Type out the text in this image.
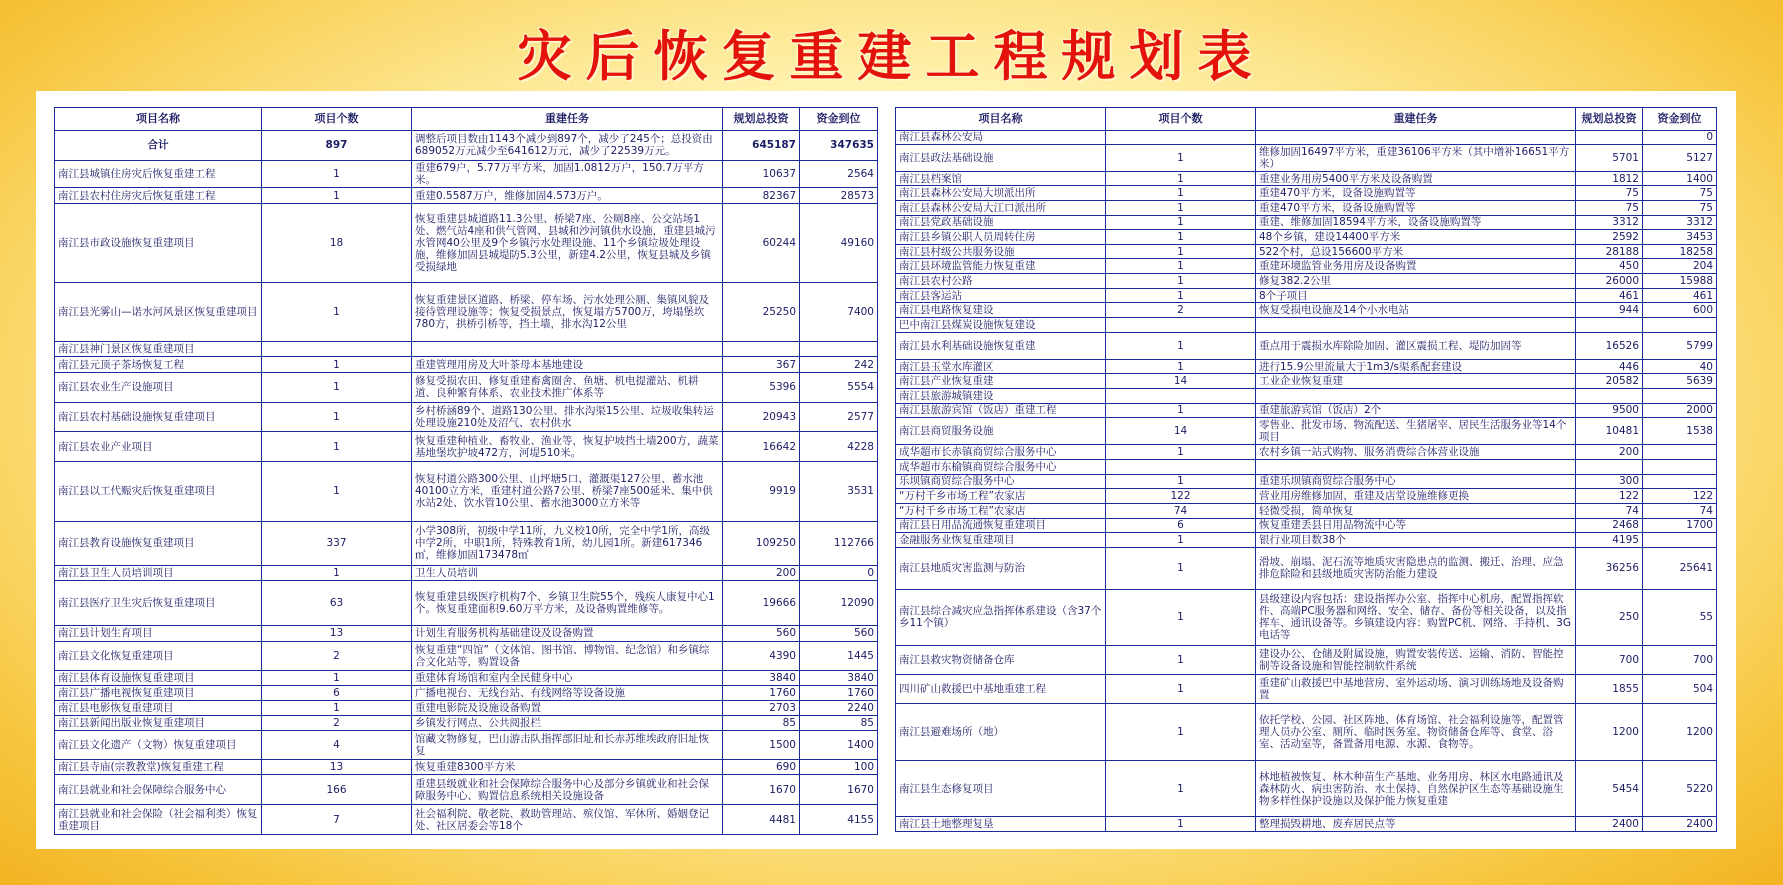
灾后恢复重建工程规划表
项目名称	项目个数	重建任务	规划总投资	资金到位
合计	897	调整后项目数由1143个减少到897个，减少了245个；总投资由689052万元减少至641612万元，减少了22539万元。	645187	347635
南江县城镇住房灾后恢复重建工程	1	重建679户，5.77万平方米，加固1.0812万户，150.7万平方米。	10637	2564
南江县农村住房灾后恢复重建工程	1	重建0.5587万户，维修加固4.573万户。	82367	28573
南江县市政设施恢复重建项目	18	恢复重建县城道路11.3公里、桥梁7座、公厕8座、公交站场1处、燃气站4座和供气管网、县城和沙河镇供水设施，重建县城污水管网40公里及9个乡镇污水处理设施、11个乡镇垃圾处理设施，维修加固县城堤防5.3公里，新建4.2公里，恢复县城及乡镇受损绿地	60244	49160
南江县光雾山—诺水河风景区恢复重建项目	1	恢复重建景区道路、桥梁、停车场、污水处理公厕、集镇风貌及接待管理设施等；恢复受损景点，恢复塌方5700万，垮塌堡坎780方，拱桥引桥等，挡土墙，排水沟12公里	25250	7400
南江县神门景区恢复重建项目				
南江县元顶子茶场恢复工程	1	重建管理用房及大叶茶母本基地建设	367	242
南江县农业生产设施项目	1	修复受损农田、修复重建畜禽圈舍、鱼塘、机电提灌站、机耕道、良种繁育体系、农业技术推广体系等	5396	5554
南江县农村基础设施恢复重建项目	1	乡村桥涵89个、道路130公里、排水沟渠15公里、垃圾收集转运处理设施210处及沼气、农村供水	20943	2577
南江县农业产业项目	1	恢复重建种植业、畜牧业、渔业等，恢复护坡挡土墙200方，蔬菜基地堡坎护坡472方，河堤510米。	16642	4228
南江县以工代赈灾后恢复重建项目	1	恢复村道公路300公里、山坪塘5口、灌溉渠127公里、蓄水池40100立方米，重建村道公路7公里、桥梁7座500延米、集中供水站2处、饮水管10公里、蓄水池3000立方米等	9919	3531
南江县教育设施恢复重建项目	337	小学308所，初级中学11所，九义校10所，完全中学1所，高级中学2所，中职1所，特殊教育1所，幼儿园1所。新建617346㎡，维修加固173478㎡	109250	112766
南江县卫生人员培训项目	1	卫生人员培训	200	0
南江县医疗卫生灾后恢复重建项目	63	恢复重建县级医疗机构7个、乡镇卫生院55个，残疾人康复中心1个。恢复重建面积9.60万平方米，及设备购置维修等。	19666	12090
南江县计划生育项目	13	计划生育服务机构基础建设及设备购置	560	560
南江县文化恢复重建项目	2	恢复重建“四馆”（文体馆、图书馆、博物馆、纪念馆）和乡镇综合文化站等，购置设备	4390	1445
南江县体育设施恢复重建项目	1	重建体育场馆和室内全民健身中心	3840	3840
南江县广播电视恢复重建项目	6	广播电视台、无线台站、有线网络等设备设施	1760	1760
南江县电影恢复重建项目	1	重建电影院及设施设备购置	2703	2240
南江县新闻出版业恢复重建项目	2	乡镇发行网点、公共阅报栏	85	85
南江县文化遗产（文物）恢复重建项目	4	馆藏文物修复，巴山游击队指挥部旧址和长赤苏维埃政府旧址恢复	1500	1400
南江县寺庙(宗教教堂)恢复重建工程	13	恢复重建8300平方米	690	100
南江县就业和社会保障综合服务中心	166	重建县级就业和社会保障综合服务中心及部分乡镇就业和社会保障服务中心、购置信息系统相关设施设备	1670	1670
南江县就业和社会保险（社会福利类）恢复重建项目	7	社会福利院、敬老院、救助管理站、殡仪馆、军休所、婚姻登记处、社区居委会等18个	4481	4155
项目名称	项目个数	重建任务	规划总投资	资金到位
南江县森林公安局				0
南江县政法基础设施	1	维修加固16497平方米，重建36106平方米（其中增补16651平方米）	5701	5127
南江县档案馆	1	重建业务用房5400平方米及设备购置	1812	1400
南江县森林公安局大坝派出所	1	重建470平方米，设备设施购置等	75	75
南江县森林公安局大江口派出所	1	重建470平方米，设备设施购置等	75	75
南江县党政基础设施	1	重建、维修加固18594平方米，设备设施购置等	3312	3312
南江县乡镇公职人员周转住房	1	48个乡镇，建设14400平方米	2592	3453
南江县村级公共服务设施	1	522个村，总设156600平方米	28188	18258
南江县环境监管能力恢复重建	1	重建环境监管业务用房及设备购置	450	204
南江县农村公路	1	修复382.2公里	26000	15988
南江县客运站	1	8个子项目	461	461
南江县电路恢复建设	2	恢复受损电设施及14个小水电站	944	600
巴中南江县煤炭设施恢复建设				
南江县水利基础设施恢复重建	1	重点用于震损水库除险加固、灌区震损工程、堤防加固等	16526	5799
南江县玉堂水库灌区	1	进行15.9公里流量大于1m3/s渠系配套建设	446	40
南江县产业恢复重建	14	工业企业恢复重建	20582	5639
南江县旅游城镇建设				
南江县旅游宾馆（饭店）重建工程	1	重建旅游宾馆（饭店）2个	9500	2000
南江县商贸服务设施	14	零售业、批发市场、物流配送、生猪屠宰、居民生活服务业等14个项目	10481	1538
成华超市长赤镇商贸综合服务中心	1	农村乡镇一站式购物、服务消费综合体营业设施	200	
成华超市东榆镇商贸综合服务中心				
乐坝镇商贸综合服务中心	1	重建乐坝镇商贸综合服务中心	300	
“万村千乡市场工程”农家店	122	营业用房维修加固、重建及店堂设施维修更换	122	122
“万村千乡市场工程”农家店	74	轻微受损，简单恢复	74	74
南江县日用品流通恢复重建项目	6	恢复重建丢县日用品物流中心等	2468	1700
金融服务业恢复重建项目	1	银行业项目数38个	4195	
南江县地质灾害监测与防治	1	滑坡、崩塌、泥石流等地质灾害隐患点的监测、搬迁、治理、应急排危除险和县级地质灾害防治能力建设	36256	25641
南江县综合减灾应急指挥体系建设（含37个乡11个镇）	1	县级建设内容包括：建设指挥办公室、指挥中心机房，配置指挥软件、高端PC服务器和网络、安全、储存、备份等相关设备，以及指挥车、通讯设备等。乡镇建设内容：购置PC机、网络、手持机、3G电话等	250	55
南江县救灾物资储备仓库	1	建设办公、仓储及附属设施，购置安装传送、运输、消防、智能控制等设备设施和智能控制软件系统	700	700
四川矿山救援巴中基地重建工程	1	重建矿山救援巴中基地营房、室外运动场、演习训练场地及设备购置	1855	504
南江县避难场所（地）	1	依托学校、公园、社区阵地、体育场馆、社会福利设施等，配置管理人员办公室、厕所、临时医务室、物资储备仓库等、食堂、浴室、活动室等，备置备用电源、水源、食物等。	1200	1200
南江县生态修复项目	1	林地植被恢复、林木种苗生产基地、业务用房、林区水电路通讯及森林防火、病虫害防治、水土保持、自然保护区生态等基础设施生物多样性保护设施以及保护能力恢复重建	5454	5220
南江县土地整理复垦	1	整理损毁耕地、废弃居民点等	2400	2400
